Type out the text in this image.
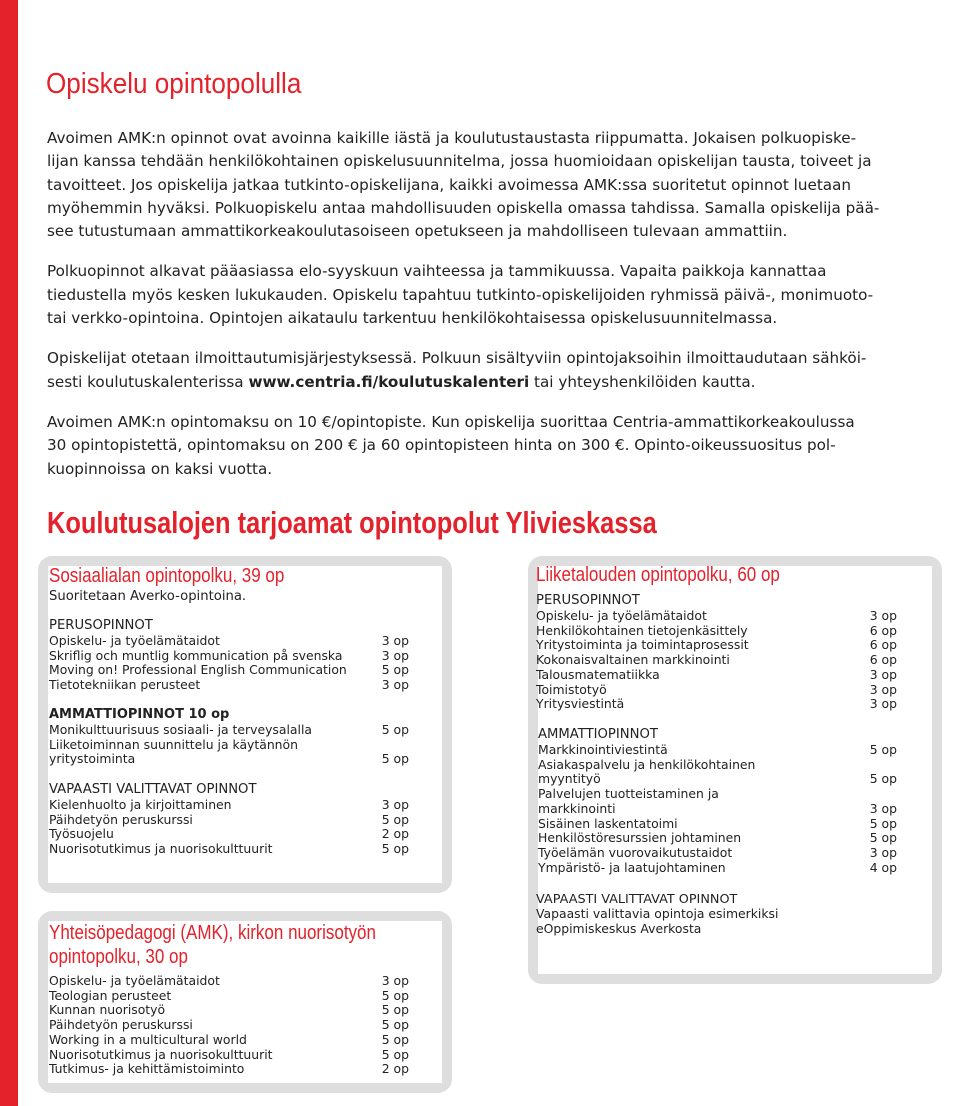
Opiskelu opintopolulla

Avoimen AMK:n opinnot ovat avoinna kaikille iästä ja koulutustaustasta riippumatta. Jokaisen polkuopiske-
lijan kanssa tehdään henkilökohtainen opiskelusuunnitelma, jossa huomioidaan opiskelijan tausta, toiveet ja
tavoitteet. Jos opiskelija jatkaa tutkinto-opiskelijana, kaikki avoimessa AMK:ssa suoritetut opinnot luetaan
myöhemmin hyväksi. Polkuopiskelu antaa mahdollisuuden opiskella omassa tahdissa. Samalla opiskelija pää-
see tutustumaan ammattikorkeakoulutasoiseen opetukseen ja mahdolliseen tulevaan ammattiin.

Polkuopinnot alkavat pääasiassa elo-syyskuun vaihteessa ja tammikuussa. Vapaita paikkoja kannattaa
tiedustella myös kesken lukukauden. Opiskelu tapahtuu tutkinto-opiskelijoiden ryhmissä päivä-, monimuoto-
tai verkko-opintoina. Opintojen aikataulu tarkentuu henkilökohtaisessa opiskelusuunnitelmassa.

Opiskelijat otetaan ilmoittautumisjärjestyksessä. Polkuun sisältyviin opintojaksoihin ilmoittaudutaan sähköi-
sesti koulutuskalenterissa www.centria.fi/koulutuskalenteri tai yhteyshenkilöiden kautta.

Avoimen AMK:n opintomaksu on 10 €/opintopiste. Kun opiskelija suorittaa Centria-ammattikorkeakoulussa
30 opintopistettä, opintomaksu on 200 € ja 60 opintopisteen hinta on 300 €. Opinto-oikeussuositus pol-
kuopinnoissa on kaksi vuotta.

Koulutusalojen tarjoamat opintopolut Ylivieskassa
Sosiaalialan opintopolku, 39 op
Suoritetaan Averko-opintoina.
PERUSOPINNOT
Opiskelu- ja työelämätaidot	3 op
Skriflig och muntlig kommunication på svenska	3 op
Moving on! Professional English Communication	5 op
Tietotekniikan perusteet	3 op
AMMATTIOPINNOT 10 op
Monikulttuurisuus sosiaali- ja terveysalalla	5 op
Liiketoiminnan suunnittelu ja käytännön
yritystoiminta	5 op
VAPAASTI VALITTAVAT OPINNOT
Kielenhuolto ja kirjoittaminen	3 op
Päihdetyön peruskurssi	5 op
Työsuojelu	2 op
Nuorisotutkimus ja nuorisokulttuurit	5 op
Yhteisöpedagogi (AMK), kirkon nuorisotyön
opintopolku, 30 op
Opiskelu- ja työelämätaidot	3 op
Teologian perusteet	5 op
Kunnan nuorisotyö	5 op
Päihdetyön peruskurssi	5 op
Working in a multicultural world	5 op
Nuorisotutkimus ja nuorisokulttuurit	5 op
Tutkimus- ja kehittämistoiminto	2 op
Liiketalouden opintopolku, 60 op
PERUSOPINNOT
Opiskelu- ja työelämätaidot	3 op
Henkilökohtainen tietojenkäsittely	6 op
Yritystoiminta ja toimintaprosessit	6 op
Kokonaisvaltainen markkinointi	6 op
Talousmatematiikka	3 op
Toimistotyö	3 op
Yritysviestintä	3 op
AMMATTIOPINNOT
Markkinointiviestintä	5 op
Asiakaspalvelu ja henkilökohtainen
myyntityö	5 op
Palvelujen tuotteistaminen ja
markkinointi	3 op
Sisäinen laskentatoimi	5 op
Henkilöstöresurssien johtaminen	5 op
Työelämän vuorovaikutustaidot	3 op
Ympäristö- ja laatujohtaminen	4 op
VAPAASTI VALITTAVAT OPINNOT
Vapaasti valittavia opintoja esimerkiksi
eOppimiskeskus Averkosta
